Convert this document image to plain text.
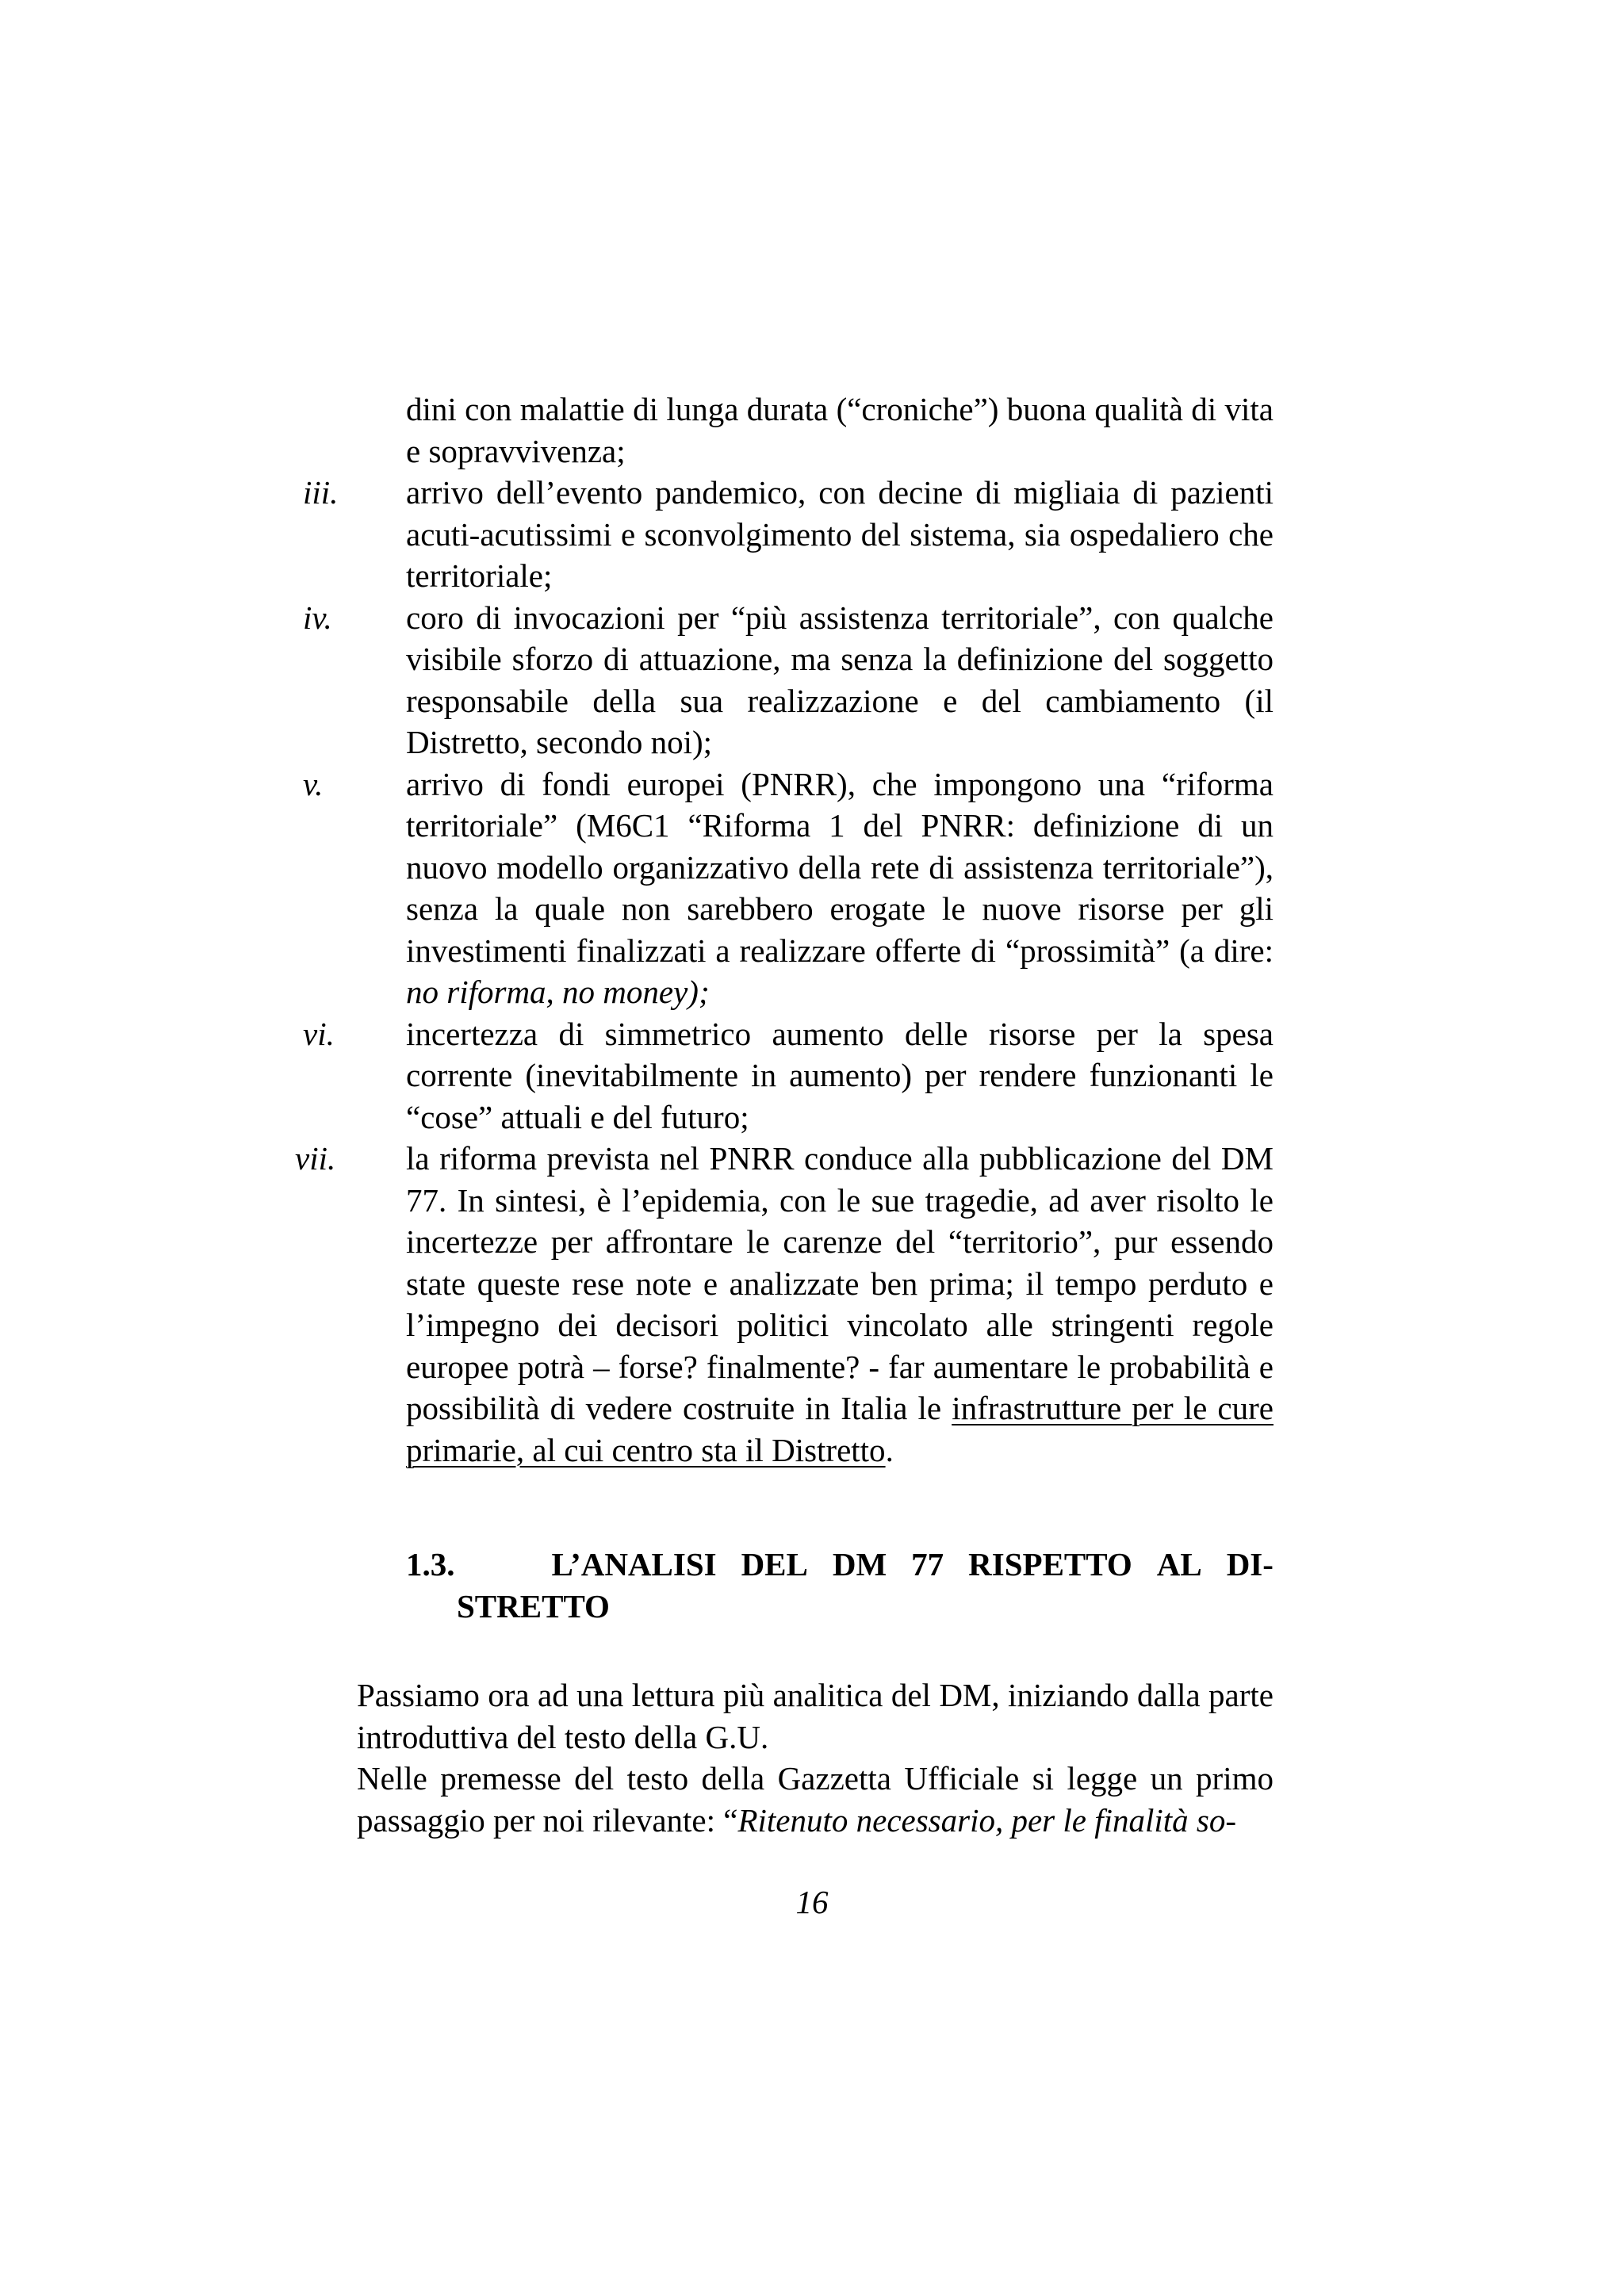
dini con malattie di lunga durata (“croniche”) buona qualità di vita e sopravvivenza;
iii.	arrivo dell’evento pandemico, con decine di migliaia di pazienti acuti-acutissimi e sconvolgimento del sistema, sia ospedaliero che territoriale;
iv.	coro di invocazioni per “più assistenza territoriale”, con qualche visibile sforzo di attuazione, ma senza la definizione del soggetto responsabile della sua realizzazione e del cambiamento (il Distretto, secondo noi);
v.	arrivo di fondi europei (PNRR), che impongono una “riforma territoriale” (M6C1 “Riforma 1 del PNRR: definizione di un nuovo modello organizzativo della rete di assistenza territoriale”), senza la quale non sarebbero erogate le nuove risorse per gli investimenti finalizzati a realizzare offerte di “prossimità” (a dire: no riforma, no money);
vi.	incertezza di simmetrico aumento delle risorse per la spesa corrente (inevitabilmente in aumento) per rendere funzionanti le “cose” attuali e del futuro;
vii.	la riforma prevista nel PNRR conduce alla pubblicazione del DM 77. In sintesi, è l’epidemia, con le sue tragedie, ad aver risolto le incertezze per affrontare le carenze del “territorio”, pur essendo state queste rese note e analizzate ben prima; il tempo perduto e l’impegno dei decisori politici vincolato alle stringenti regole europee potrà – forse? finalmente? - far aumentare le probabilità e possibilità di vedere costruite in Italia le infrastrutture per le cure primarie, al cui centro sta il Distretto.
1.3.	L’ANALISI DEL DM 77 RISPETTO AL DI-
STRETTO

Passiamo ora ad una lettura più analitica del DM, iniziando dalla parte introduttiva del testo della G.U.

Nelle premesse del testo della Gazzetta Ufficiale si legge un primo passaggio per noi rilevante: “Ritenuto necessario, per le finalità so-

16
